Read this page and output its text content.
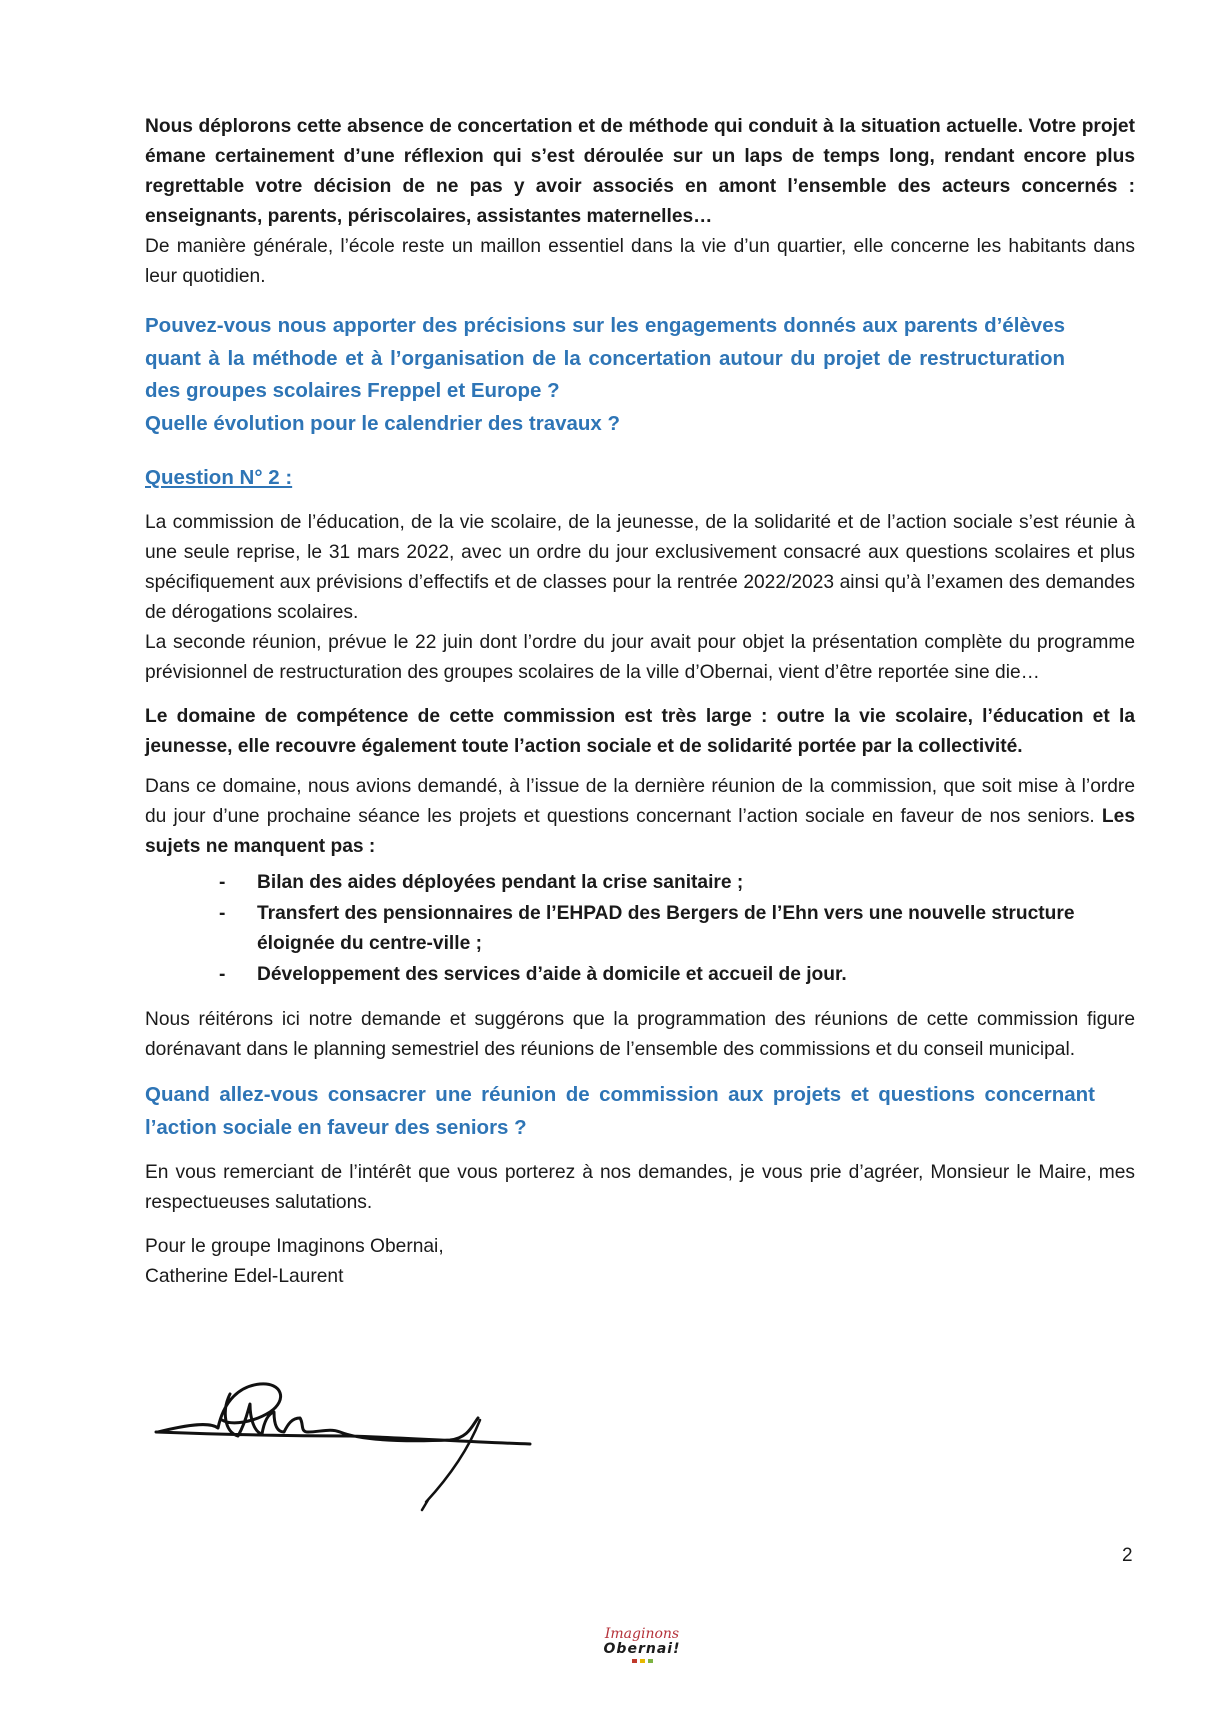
Nous déplorons cette absence de concertation et de méthode qui conduit à la situation actuelle. Votre projet émane certainement d’une réflexion qui s’est déroulée sur un laps de temps long, rendant encore plus regrettable votre décision de ne pas y avoir associés en amont l’ensemble des acteurs concernés : enseignants, parents, périscolaires, assistantes maternelles…

De manière générale, l’école reste un maillon essentiel dans la vie d’un quartier, elle concerne les habitants dans leur quotidien.

Pouvez-vous nous apporter des précisions sur les engagements donnés aux parents d’élèves quant à la méthode et à l’organisation de la concertation autour du projet de restructuration des groupes scolaires Freppel et Europe ?

Quelle évolution pour le calendrier des travaux ?

Question N° 2 :

La commission de l’éducation, de la vie scolaire, de la jeunesse, de la solidarité et de l’action sociale s’est réunie à une seule reprise, le 31 mars 2022, avec un ordre du jour exclusivement consacré aux questions scolaires et plus spécifiquement aux prévisions d’effectifs et de classes pour la rentrée 2022/2023 ainsi qu’à l’examen des demandes de dérogations scolaires.

La seconde réunion, prévue le 22 juin dont l’ordre du jour avait pour objet la présentation complète du programme prévisionnel de restructuration des groupes scolaires de la ville d’Obernai, vient d’être reportée sine die…

Le domaine de compétence de cette commission est très large : outre la vie scolaire, l’éducation et la jeunesse, elle recouvre également toute l’action sociale et de solidarité portée par la collectivité.

Dans ce domaine, nous avions demandé, à l’issue de la dernière réunion de la commission, que soit mise à l’ordre du jour d’une prochaine séance les projets et questions concernant l’action sociale en faveur de nos seniors. Les sujets ne manquent pas :

- Bilan des aides déployées pendant la crise sanitaire ;
- Transfert des pensionnaires de l’EHPAD des Bergers de l’Ehn vers une nouvelle structure éloignée du centre-ville ;
- Développement des services d’aide à domicile et accueil de jour.

Nous réitérons ici notre demande et suggérons que la programmation des réunions de cette commission figure dorénavant dans le planning semestriel des réunions de l’ensemble des commissions et du conseil municipal.

Quand allez-vous consacrer une réunion de commission aux projets et questions concernant l’action sociale en faveur des seniors ?

En vous remerciant de l’intérêt que vous porterez à nos demandes, je vous prie d’agréer, Monsieur le Maire, mes respectueuses salutations.

Pour le groupe Imaginons Obernai,

Catherine Edel-Laurent

2
Imaginons
Obernai!
